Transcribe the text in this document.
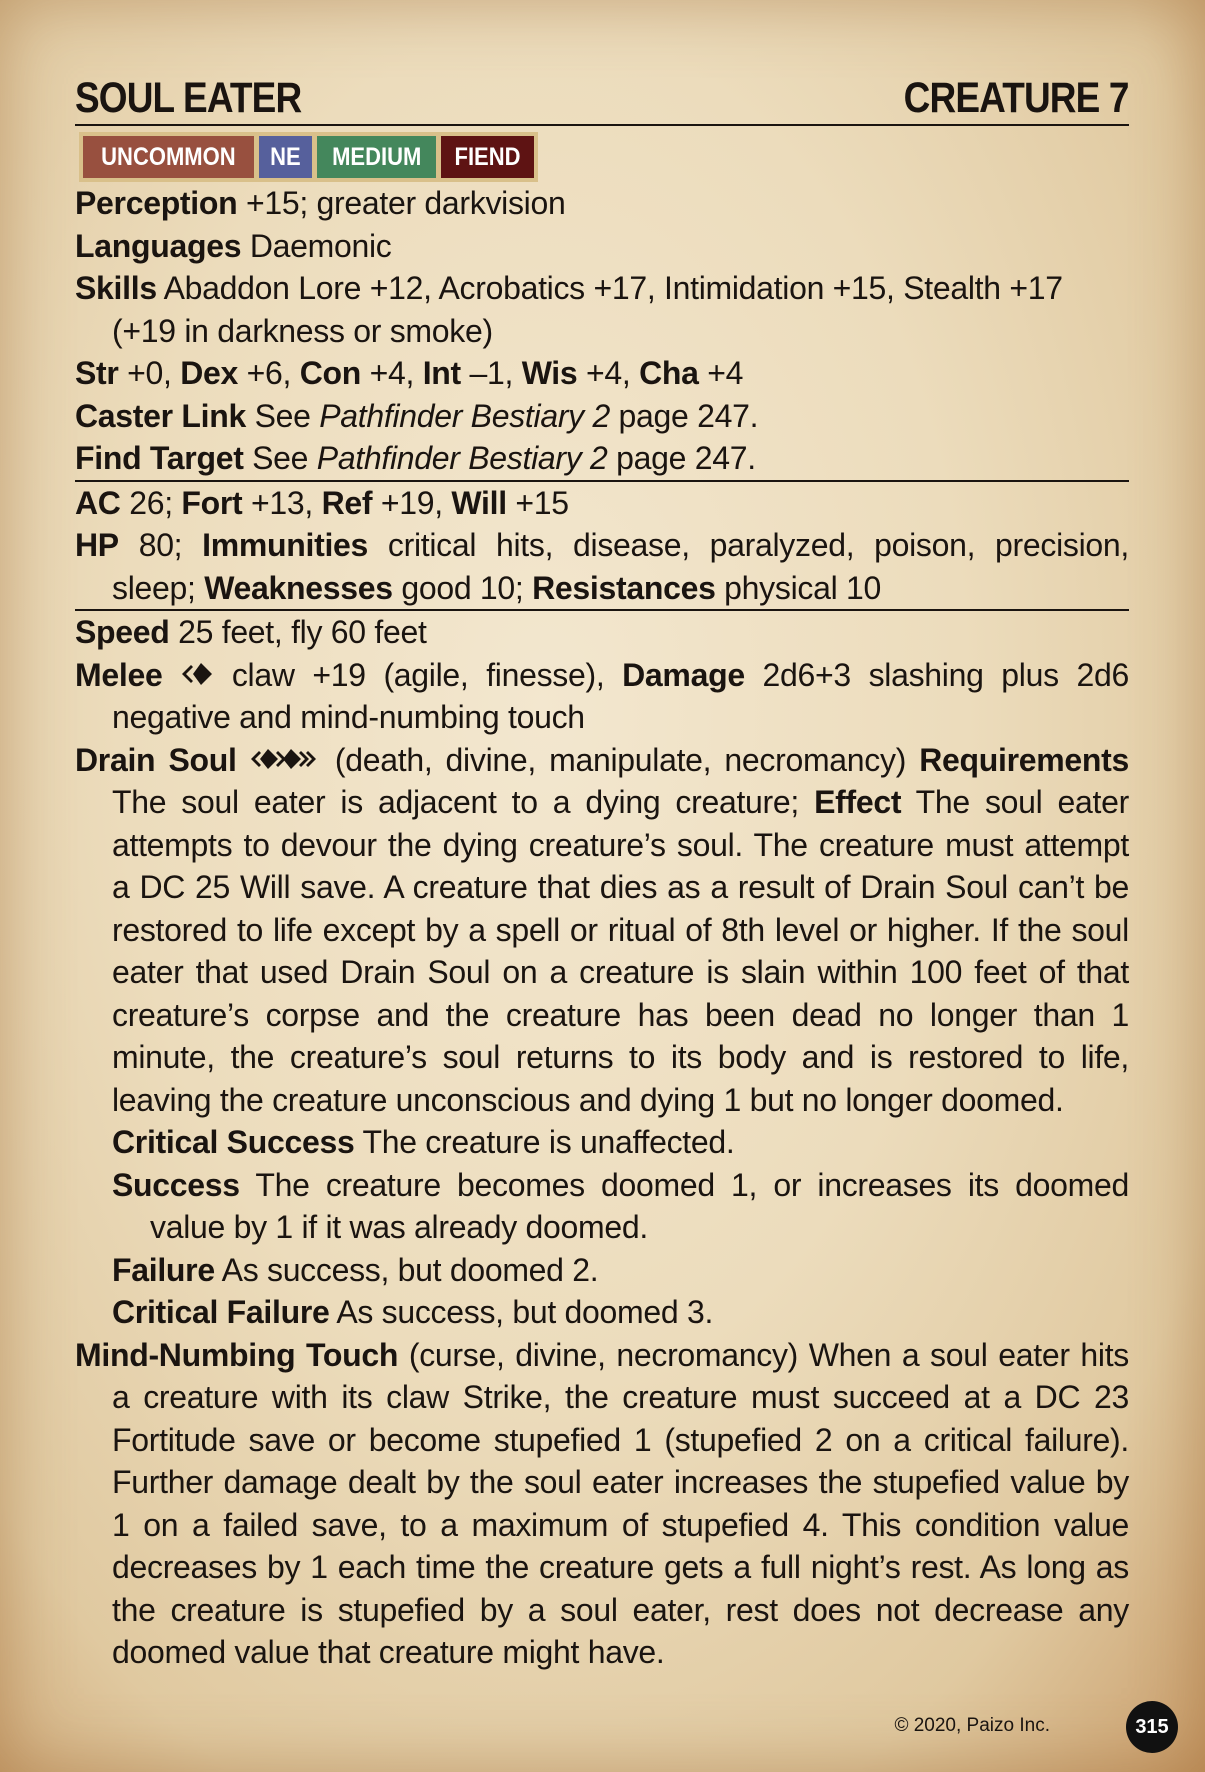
SOUL EATER	CREATURE 7
UNCOMMON	NE	MEDIUM	FIEND
Perception +15; greater darkvision
Languages Daemonic
Skills Abaddon Lore +12, Acrobatics +17, Intimidation +15, Stealth +17 (+19 in darkness or smoke)
Str +0, Dex +6, Con +4, Int –1, Wis +4, Cha +4
Caster Link See Pathfinder Bestiary 2 page 247.
Find Target See Pathfinder Bestiary 2 page 247.
AC 26; Fort +13, Ref +19, Will +15
HP 80; Immunities critical hits, disease, paralyzed, poison, precision, sleep; Weaknesses good 10; Resistances physical 10
Speed 25 feet, fly 60 feet
Melee  claw +19 (agile, finesse), Damage 2d6+3 slashing plus 2d6 negative and mind-numbing touch
Drain Soul	(death, divine, manipulate, necromancy) Requirements The soul eater is adjacent to a dying creature; Effect The soul eater attempts to devour the dying creature’s soul. The creature must attempt a DC 25 Will save. A creature that dies as a result of Drain Soul can’t be restored to life except by a spell or ritual of 8th level or higher. If the soul eater that used Drain Soul on a creature is slain within 100 feet of that creature’s corpse and the creature has been dead no longer than 1 minute, the creature’s soul returns to its body and is restored to life, leaving the creature unconscious and dying 1 but no longer doomed.
Critical Success The creature is unaffected.
Success The creature becomes doomed 1, or increases its doomed value by 1 if it was already doomed.
Failure As success, but doomed 2.
Critical Failure As success, but doomed 3.
Mind-Numbing Touch (curse, divine, necromancy) When a soul eater hits a creature with its claw Strike, the creature must succeed at a DC 23 Fortitude save or become stupefied 1 (stupefied 2 on a critical failure). Further damage dealt by the soul eater increases the stupefied value by 1 on a failed save, to a maximum of stupefied 4. This condition value decreases by 1 each time the creature gets a full night’s rest. As long as the creature is stupefied by a soul eater, rest does not decrease any doomed value that creature might have.
© 2020, Paizo Inc.	315
